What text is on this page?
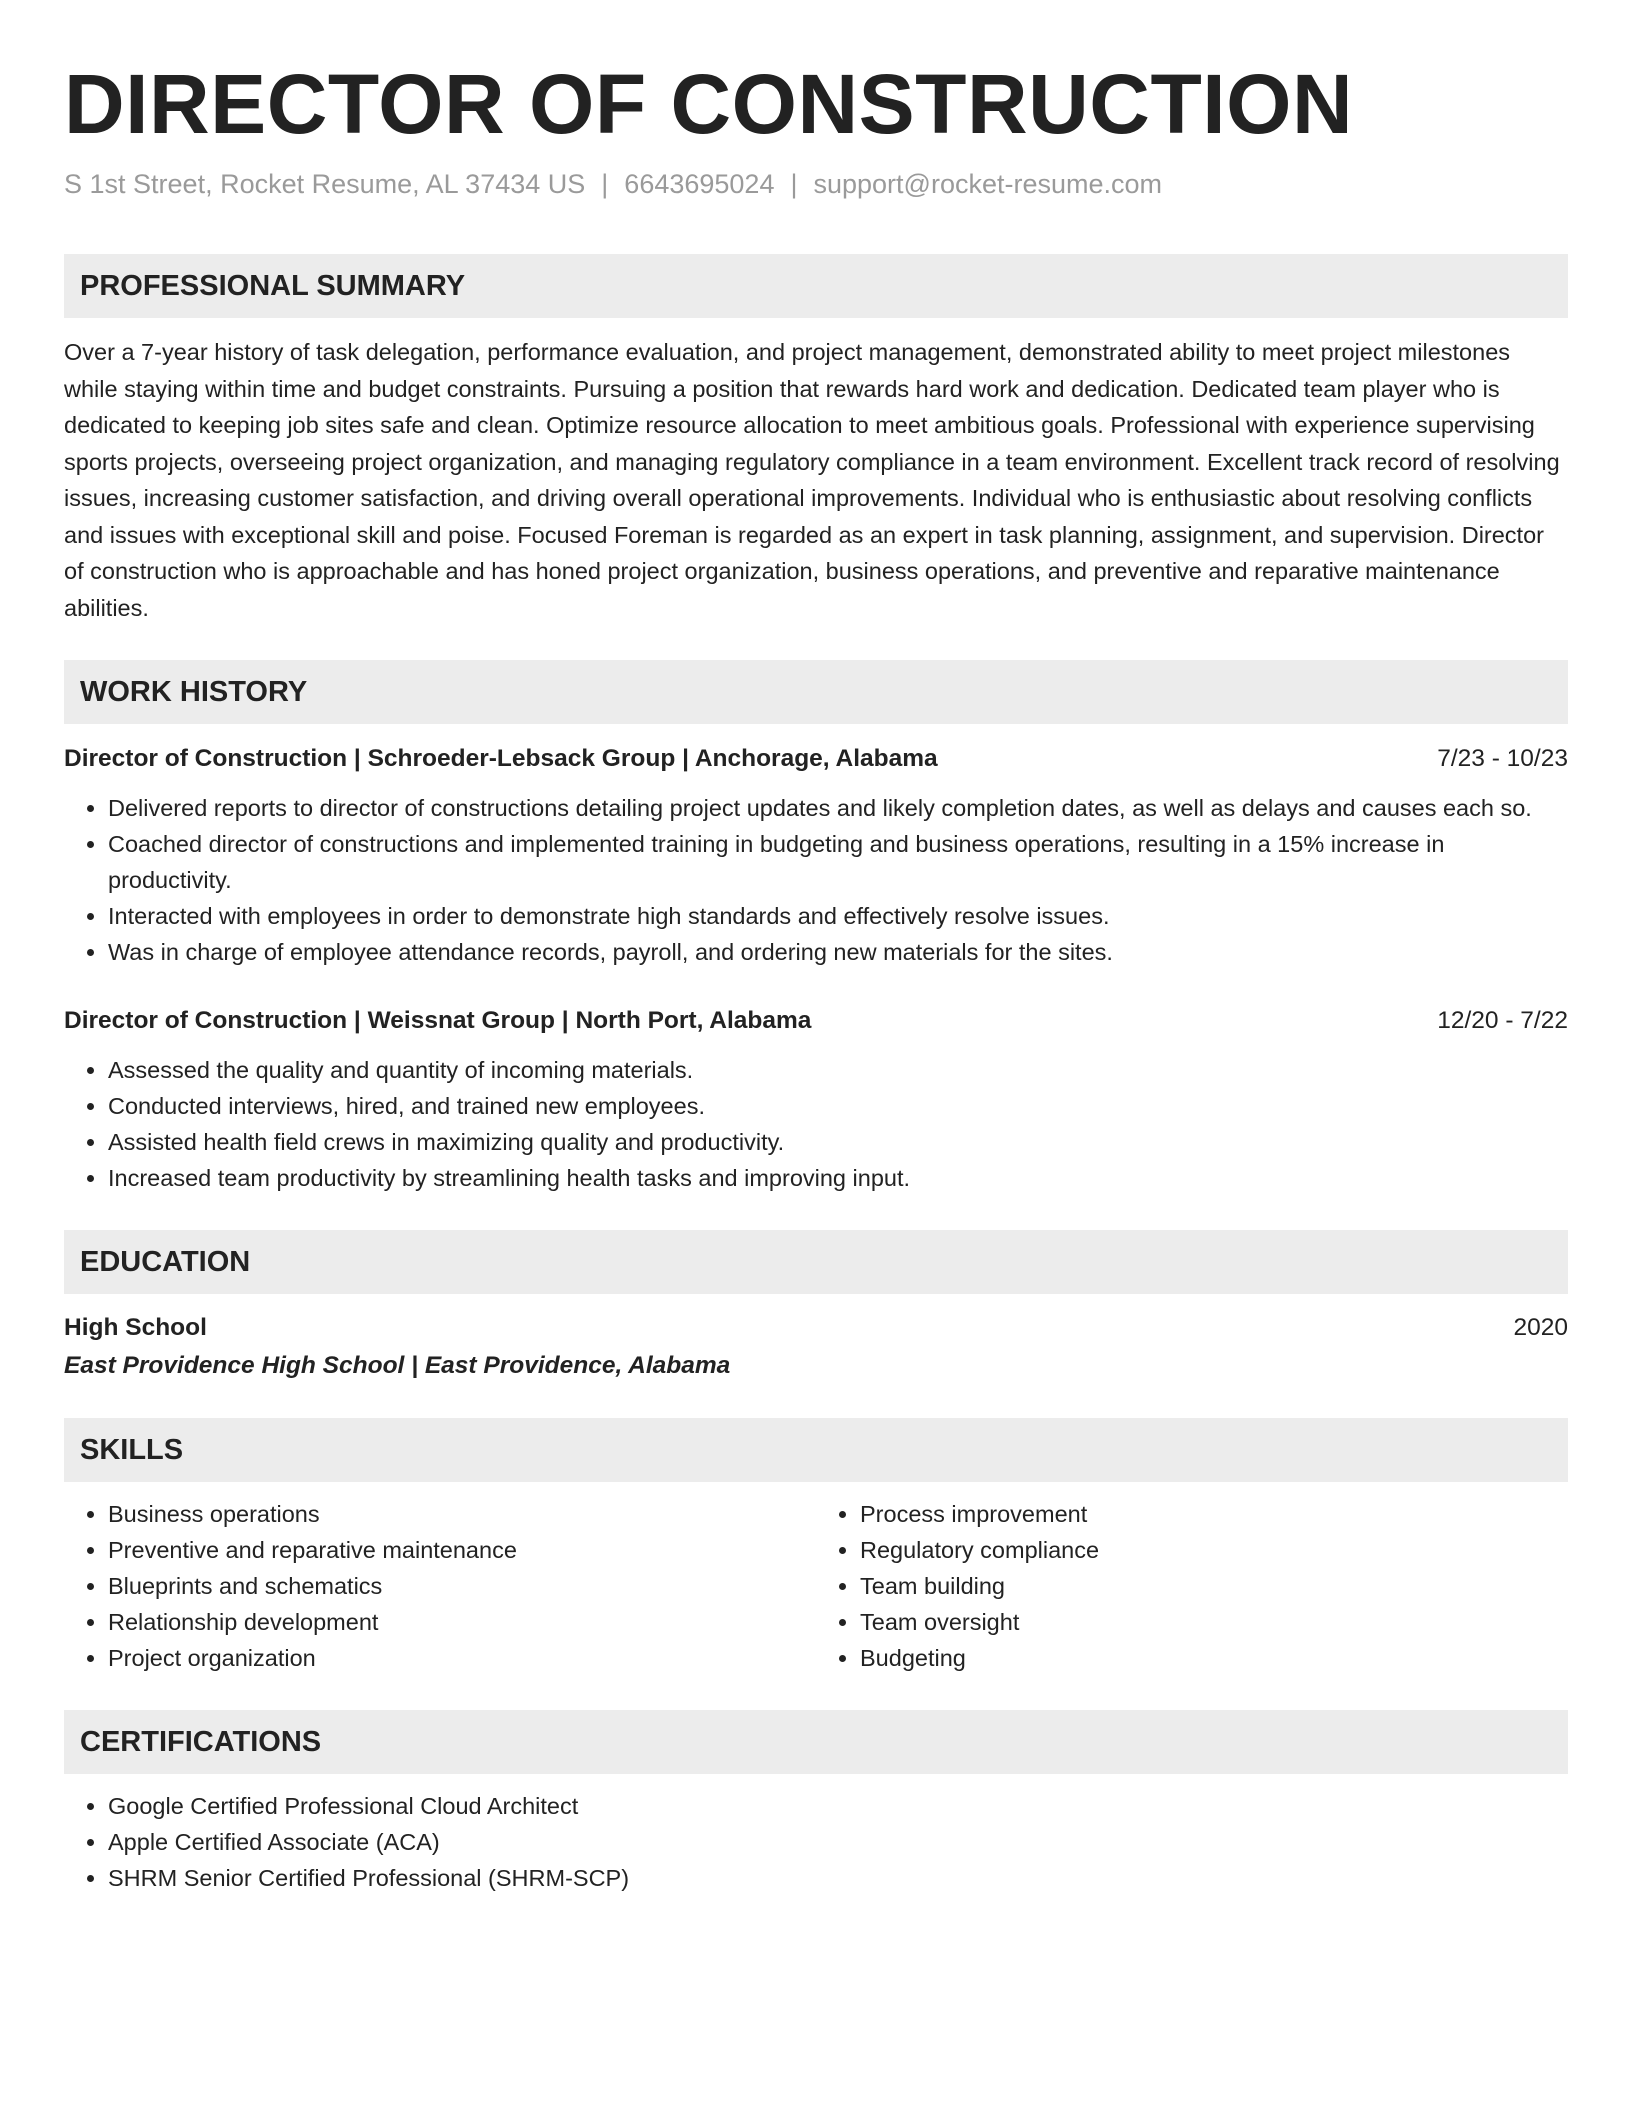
DIRECTOR OF CONSTRUCTION
S 1st Street, Rocket Resume, AL 37434 US | 6643695024 | support@rocket-resume.com
PROFESSIONAL SUMMARY
Over a 7-year history of task delegation, performance evaluation, and project management, demonstrated ability to meet project milestones while staying within time and budget constraints. Pursuing a position that rewards hard work and dedication. Dedicated team player who is dedicated to keeping job sites safe and clean. Optimize resource allocation to meet ambitious goals. Professional with experience supervising sports projects, overseeing project organization, and managing regulatory compliance in a team environment. Excellent track record of resolving issues, increasing customer satisfaction, and driving overall operational improvements. Individual who is enthusiastic about resolving conflicts and issues with exceptional skill and poise. Focused Foreman is regarded as an expert in task planning, assignment, and supervision. Director of construction who is approachable and has honed project organization, business operations, and preventive and reparative maintenance abilities.
WORK HISTORY
Director of Construction | Schroeder-Lebsack Group | Anchorage, Alabama	7/23 - 10/23
• Delivered reports to director of constructions detailing project updates and likely completion dates, as well as delays and causes each so.
• Coached director of constructions and implemented training in budgeting and business operations, resulting in a 15% increase in productivity.
• Interacted with employees in order to demonstrate high standards and effectively resolve issues.
• Was in charge of employee attendance records, payroll, and ordering new materials for the sites.
Director of Construction | Weissnat Group | North Port, Alabama	12/20 - 7/22
• Assessed the quality and quantity of incoming materials.
• Conducted interviews, hired, and trained new employees.
• Assisted health field crews in maximizing quality and productivity.
• Increased team productivity by streamlining health tasks and improving input.
EDUCATION
High School	2020
East Providence High School | East Providence, Alabama
SKILLS
• Business operations
• Preventive and reparative maintenance
• Blueprints and schematics
• Relationship development
• Project organization
• Process improvement
• Regulatory compliance
• Team building
• Team oversight
• Budgeting
CERTIFICATIONS
• Google Certified Professional Cloud Architect
• Apple Certified Associate (ACA)
• SHRM Senior Certified Professional (SHRM-SCP)
